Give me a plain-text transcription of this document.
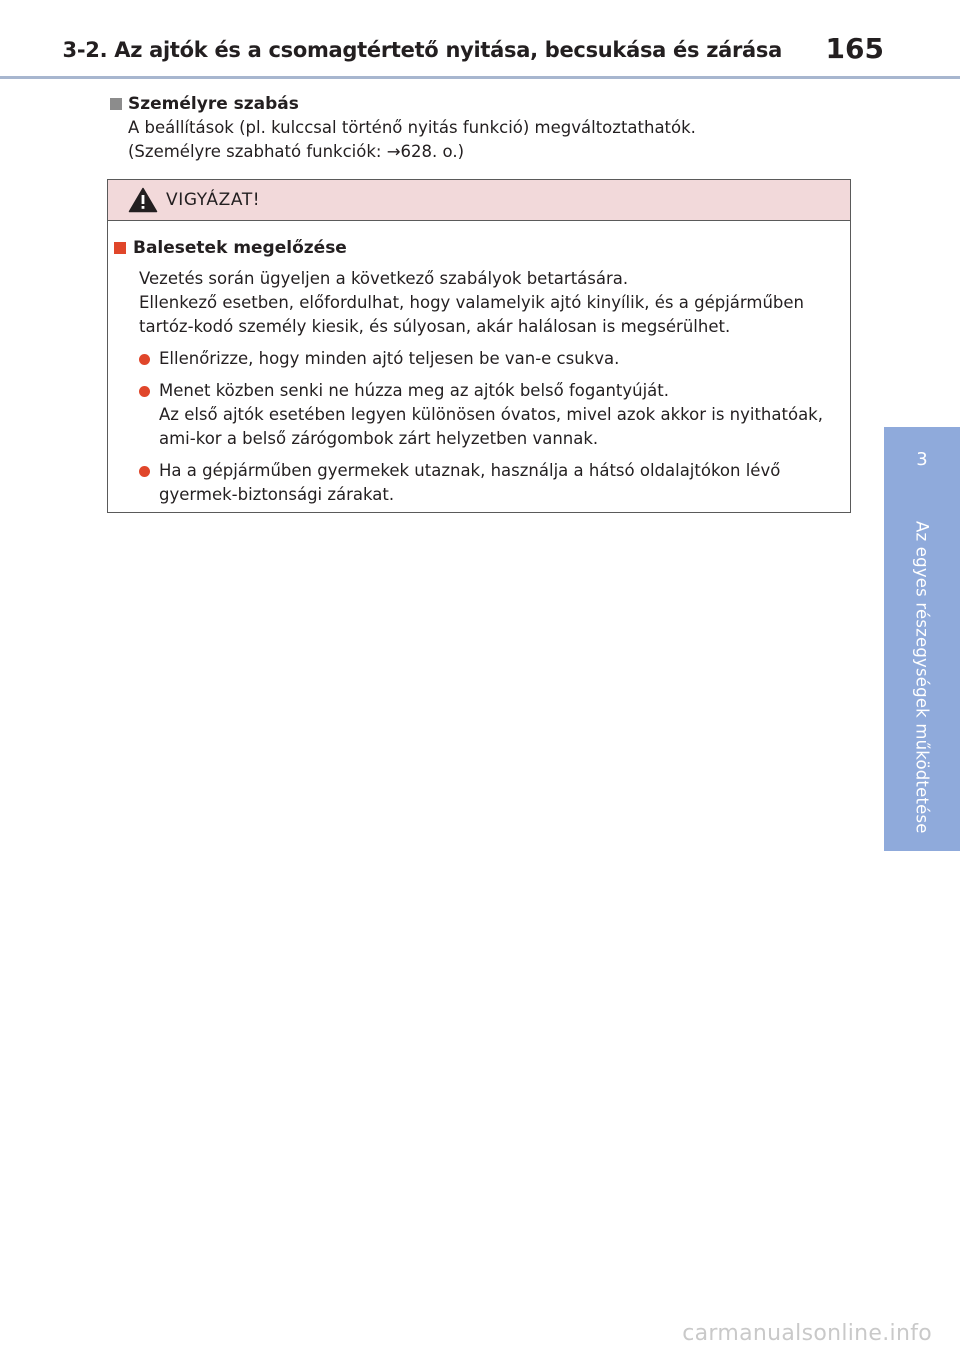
3-2. Az ajtók és a csomagtértető nyitása, becsukása és zárása 165
3
Az egyes részegységek működtetése
Személyre szabás
A beállítások (pl. kulccsal történő nyitás funkció) megváltoztathatók.
(Személyre szabható funkciók: →628. o.)
VIGYÁZAT!
Balesetek megelőzése
Vezetés során ügyeljen a következő szabályok betartására.
Ellenkező esetben, előfordulhat, hogy valamelyik ajtó kinyílik, és a gépjárműben tartóz-kodó személy kiesik, és súlyosan, akár halálosan is megsérülhet.

Ellenőrizze, hogy minden ajtó teljesen be van-e csukva.

Menet közben senki ne húzza meg az ajtók belső fogantyúját.

Az első ajtók esetében legyen különösen óvatos, mivel azok akkor is nyithatóak, ami-kor a belső zárógombok zárt helyzetben vannak.

Ha a gépjárműben gyermekek utaznak, használja a hátsó oldalajtókon lévő gyermek-biztonsági zárakat.

carmanualsonline.info
